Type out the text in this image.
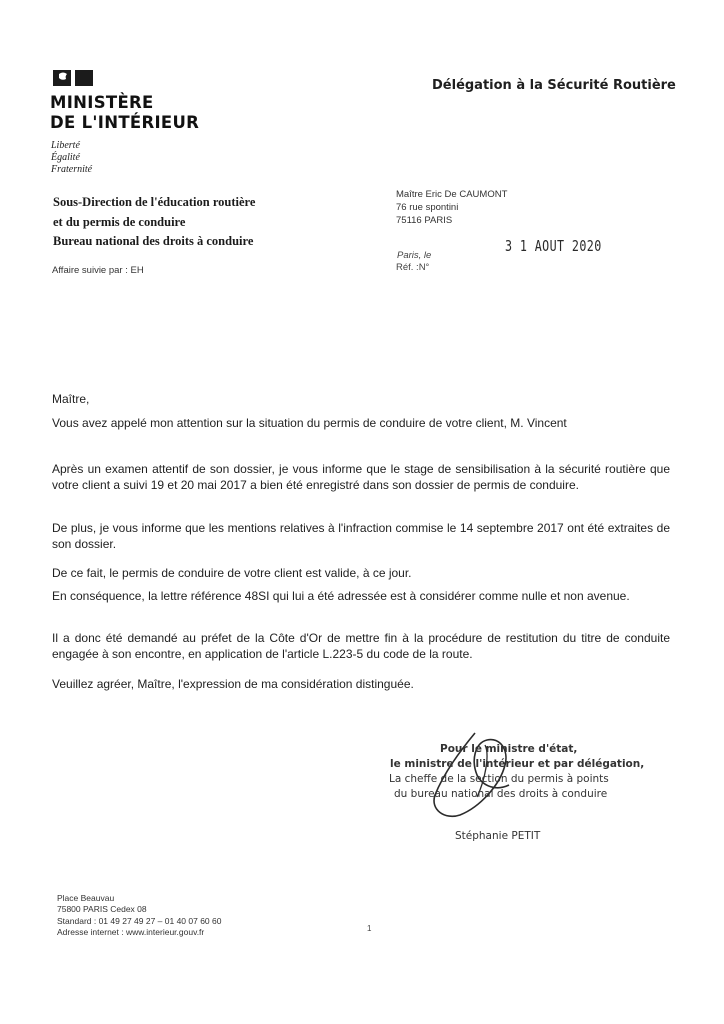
MINISTÈRE
DE L'INTÉRIEUR
Liberté
Égalité
Fraternité
Délégation à la Sécurité Routière
Sous-Direction de l'éducation routière
et du permis de conduire
Bureau national des droits à conduire
Affaire suivie par : EH
Maître Eric De CAUMONT
76 rue spontini
75116 PARIS
3 1 AOUT 2020
Paris, le
Réf. :N°
Maître,
Vous avez appelé mon attention sur la situation du permis de conduire de votre client, M. Vincent
Après un examen attentif de son dossier, je vous informe que le stage de sensibilisation à la sécurité routière que votre client a suivi 19 et 20 mai 2017 a bien été enregistré dans son dossier de permis de conduire.
De plus, je vous informe que les mentions relatives à l'infraction commise le 14 septembre 2017 ont été extraites de son dossier.
De ce fait, le permis de conduire de votre client est valide, à ce jour.
En conséquence, la lettre référence 48SI qui lui a été adressée est à considérer comme nulle et non avenue.
Il a donc été demandé au préfet de la Côte d'Or de mettre fin à la procédure de restitution du titre de conduite engagée à son encontre, en application de l'article L.223-5 du code de la route.
Veuillez agréer, Maître, l'expression de ma considération distinguée.
Pour le ministre d'état,
le ministre de l'intérieur et par délégation,
La cheffe de la section du permis à points
du bureau national des droits à conduire
Stéphanie PETIT
Place Beauvau
75800 PARIS Cedex 08
Standard : 01 49 27 49 27 – 01 40 07 60 60
Adresse internet : www.interieur.gouv.fr	1
